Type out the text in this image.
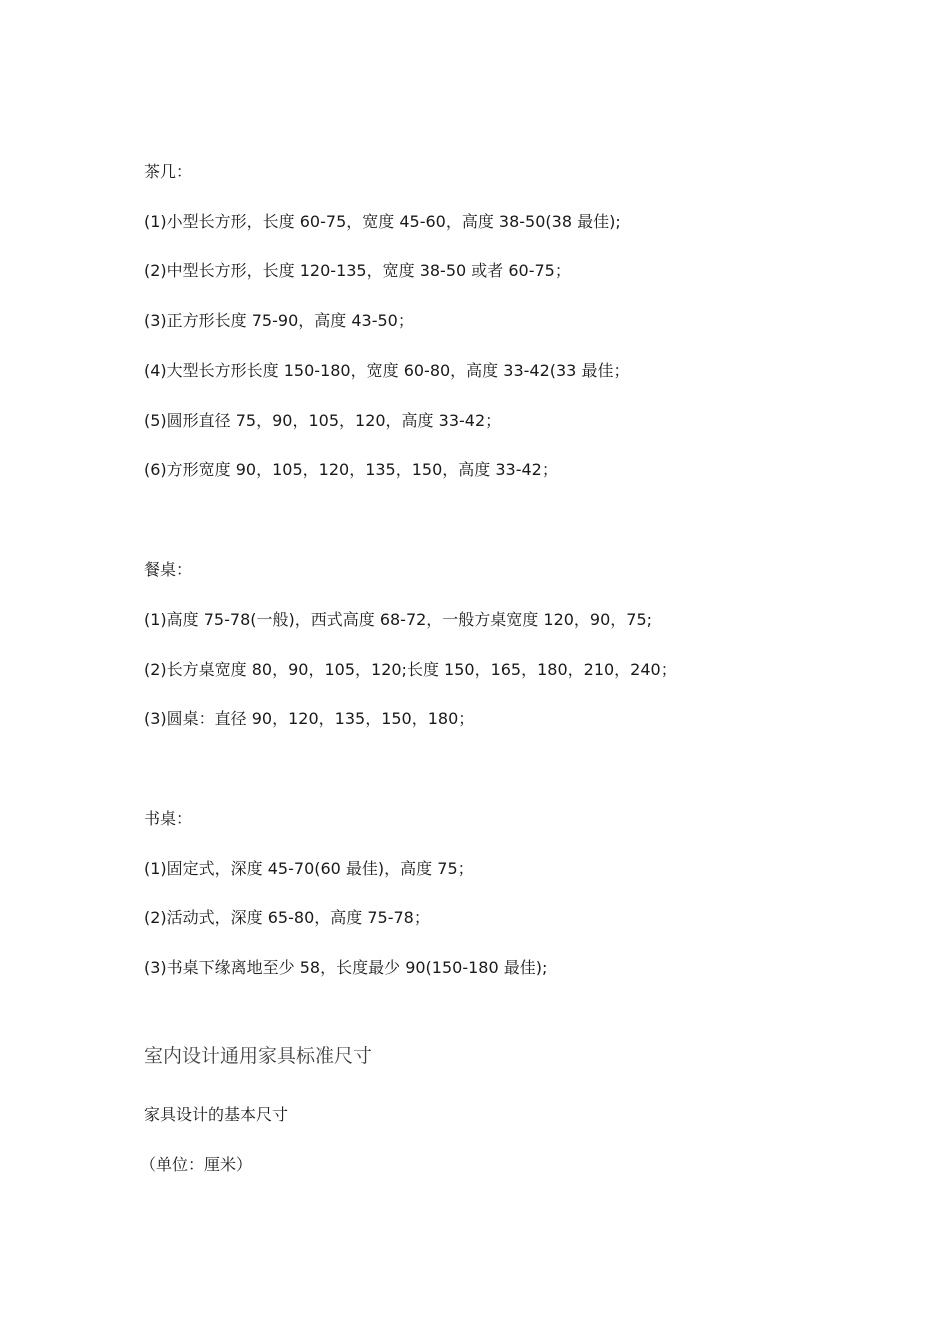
茶几：
(1)小型长方形，长度 60-75，宽度 45-60，高度 38-50(38 最佳);
(2)中型长方形，长度 120-135，宽度 38-50 或者 60-75；
(3)正方形长度 75-90，高度 43-50；
(4)大型长方形长度 150-180，宽度 60-80，高度 33-42(33 最佳；
(5)圆形直径 75，90，105，120，高度 33-42；
(6)方形宽度 90，105，120，135，150，高度 33-42；
餐桌：
(1)高度 75-78(一般)，西式高度 68-72，一般方桌宽度 120，90，75;
(2)长方桌宽度 80，90，105，120;长度 150，165，180，210，240；
(3)圆桌：直径 90，120，135，150，180；
书桌：
(1)固定式，深度 45-70(60 最佳)，高度 75；
(2)活动式，深度 65-80，高度 75-78；
(3)书桌下缘离地至少 58，长度最少 90(150-180 最佳);
室内设计通用家具标准尺寸
家具设计的基本尺寸
（单位：厘米）
